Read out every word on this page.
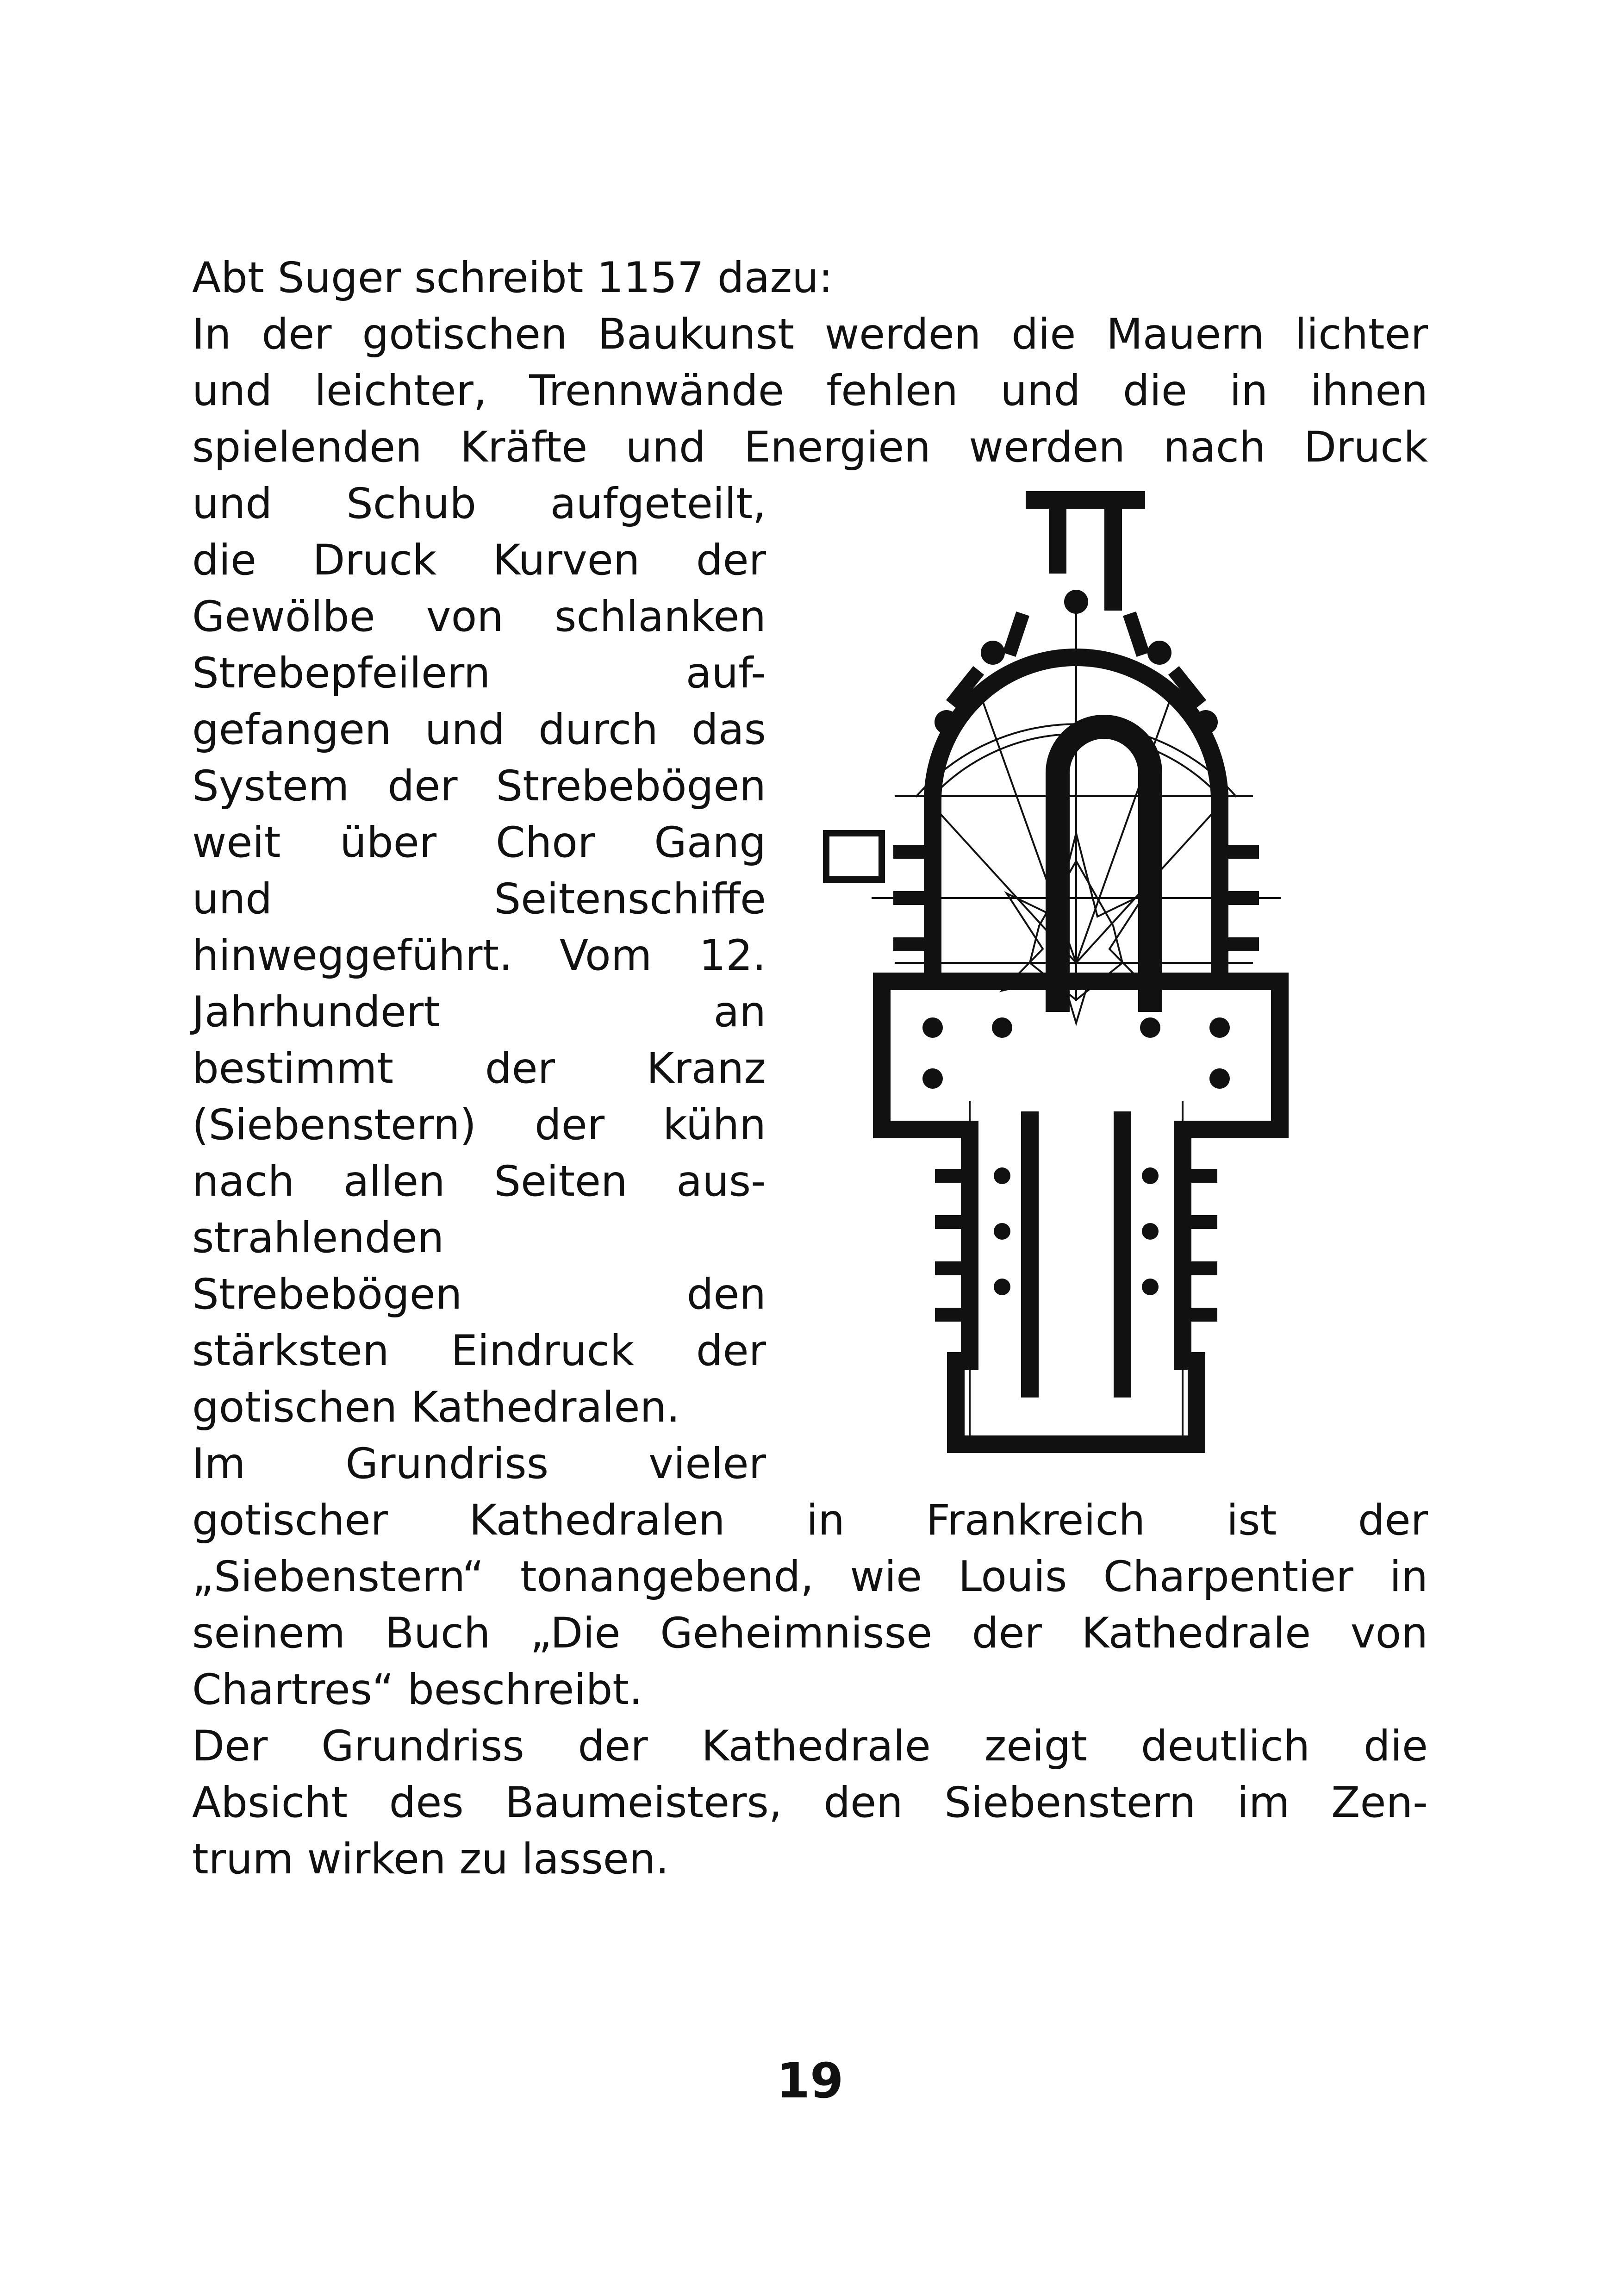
Abt Suger schreibt 1157 dazu:
In der gotischen Baukunst werden die Mauern lichter
und leichter, Trennwände fehlen und die in ihnen
spielenden Kräfte und Energien werden nach Druck
und Schub aufgeteilt,
die Druck Kurven der
Gewölbe von schlanken
Strebepfeilern auf-
gefangen und durch das
System der Strebebögen
weit über Chor Gang
und Seitenschiffe
hinweggeführt. Vom 12.
Jahrhundert an
bestimmt der Kranz
(Siebenstern) der kühn
nach allen Seiten aus-
strahlenden
Strebebögen den
stärksten Eindruck der
gotischen Kathedralen.
Im Grundriss vieler
gotischer Kathedralen in Frankreich ist der
„Siebenstern“ tonangebend, wie Louis Charpentier in
seinem Buch „Die Geheimnisse der Kathedrale von
Chartres“ beschreibt.
Der Grundriss der Kathedrale zeigt deutlich die
Absicht des Baumeisters, den Siebenstern im Zen-
trum wirken zu lassen.
19
